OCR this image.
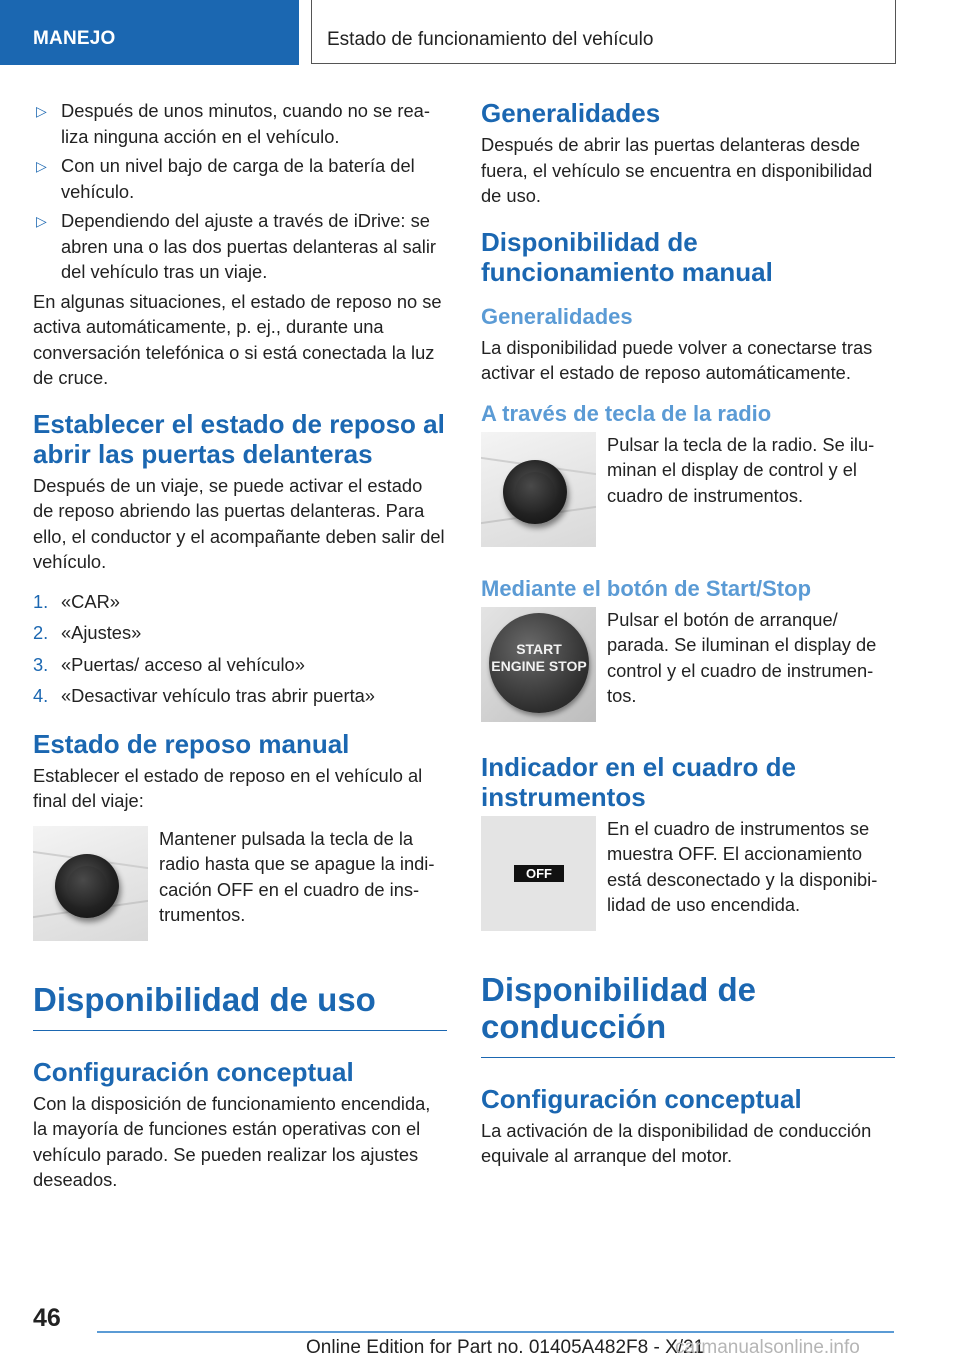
MANEJO	Estado de funcionamiento del vehículo
▷ Después de unos minutos, cuando no se rea-liza ninguna acción en el vehículo.
▷ Con un nivel bajo de carga de la batería del vehículo.
▷ Dependiendo del ajuste a través de iDrive: se abren una o las dos puertas delanteras al salir del vehículo tras un viaje.

En algunas situaciones, el estado de reposo no se activa automáticamente, p. ej., durante una conversación telefónica o si está conectada la luz de cruce.

Establecer el estado de reposo al abrir las puertas delanteras

Después de un viaje, se puede activar el estado de reposo abriendo las puertas delanteras. Para ello, el conductor y el acompañante deben salir del vehículo.

1. «CAR»
2. «Ajustes»
3. «Puertas/ acceso al vehículo»
4. «Desactivar vehículo tras abrir puerta»
Estado de reposo manual

Establecer el estado de reposo en el vehículo al final del viaje:

Mantener pulsada la tecla de la radio hasta que se apague la indi-cación OFF en el cuadro de ins-trumentos.

Disponibilidad de uso
Configuración conceptual

Con la disposición de funcionamiento encendida, la mayoría de funciones están operativas con el vehículo parado. Se pueden realizar los ajustes deseados.

Generalidades

Después de abrir las puertas delanteras desde fuera, el vehículo se encuentra en disponibilidad de uso.

Disponibilidad de funcionamiento manual
Generalidades

La disponibilidad puede volver a conectarse tras activar el estado de reposo automáticamente.

A través de tecla de la radio

Pulsar la tecla de la radio. Se ilu-minan el display de control y el cuadro de instrumentos.

Mediante el botón de Start/Stop
START ENGINE STOP

Pulsar el botón de arranque/ parada. Se iluminan el display de control y el cuadro de instrumen-tos.

Indicador en el cuadro de instrumentos
OFF

En el cuadro de instrumentos se muestra OFF. El accionamiento está desconectado y la disponibi-lidad de uso encendida.

Disponibilidad de conducción
Configuración conceptual

La activación de la disponibilidad de conducción equivale al arranque del motor.

46
Online Edition for Part no. 01405A482F8 - X/21
carmanualsonline.info
